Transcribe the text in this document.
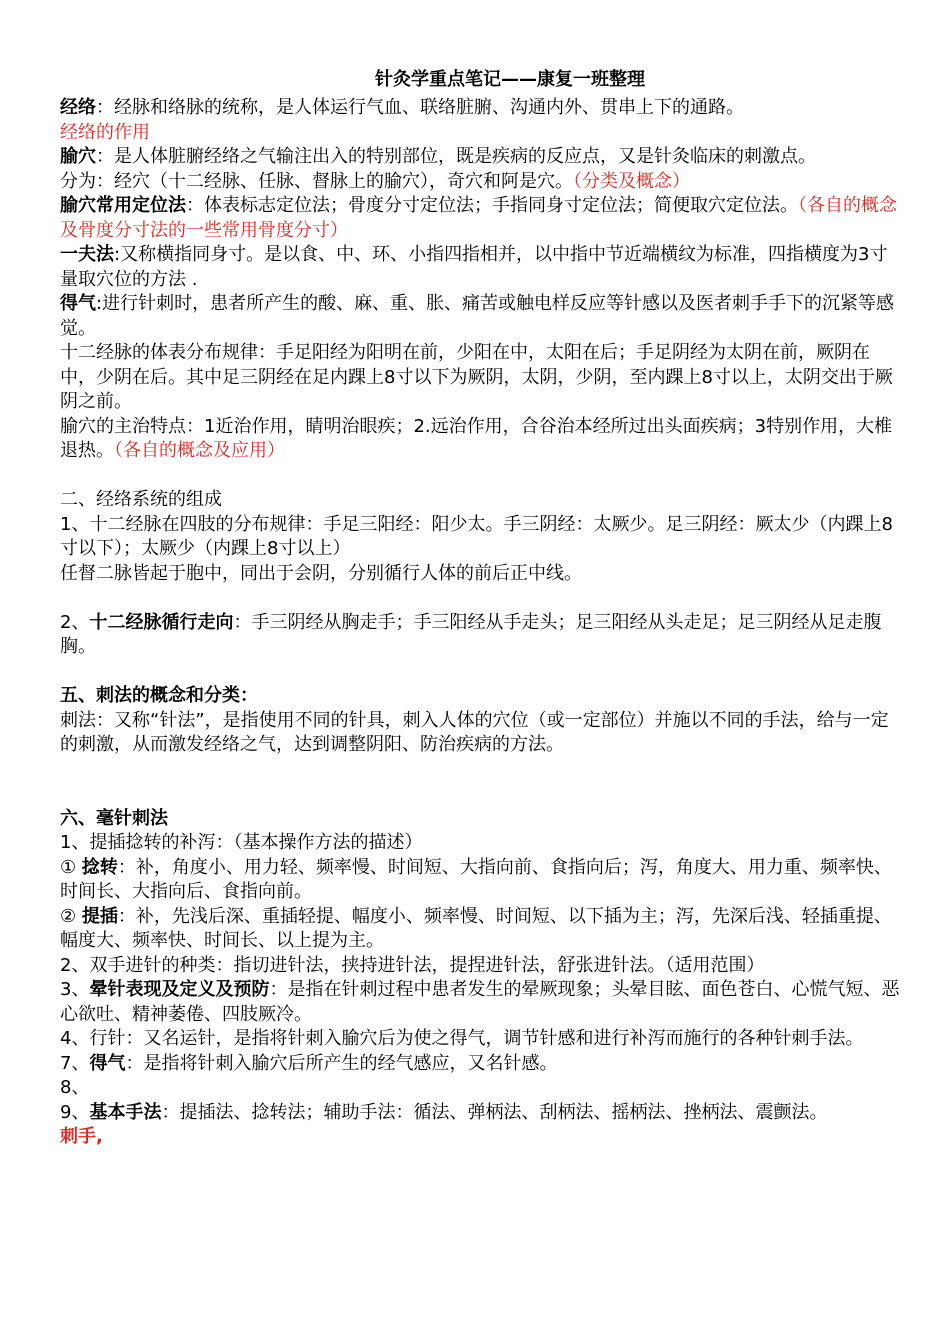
针灸学重点笔记——康复一班整理

经络：经脉和络脉的统称，是人体运行气血、联络脏腑、沟通内外、贯串上下的通路。

经络的作用

腧穴：是人体脏腑经络之气输注出入的特别部位，既是疾病的反应点，又是针灸临床的刺激点。

分为：经穴（十二经脉、任脉、督脉上的腧穴），奇穴和阿是穴。（分类及概念）

腧穴常用定位法：体表标志定位法；骨度分寸定位法；手指同身寸定位法；简便取穴定位法。（各自的概念及骨度分寸法的一些常用骨度分寸）

一夫法:又称横指同身寸。是以食、中、环、小指四指相并，以中指中节近端横纹为标准，四指横度为3寸量取穴位的方法 .

得气:进行针刺时，患者所产生的酸、麻、重、胀、痛苦或触电样反应等针感以及医者刺手手下的沉紧等感觉。

十二经脉的体表分布规律：手足阳经为阳明在前，少阳在中，太阳在后；手足阴经为太阴在前，厥阴在中，少阴在后。其中足三阴经在足内踝上8寸以下为厥阴，太阴，少阴，至内踝上8寸以上，太阴交出于厥阴之前。

腧穴的主治特点：1近治作用，睛明治眼疾；2.远治作用，合谷治本经所过出头面疾病；3特别作用，大椎退热。（各自的概念及应用）

二、经络系统的组成

1、十二经脉在四肢的分布规律：手足三阳经：阳少太。手三阴经：太厥少。足三阴经：厥太少（内踝上8寸以下）；太厥少（内踝上8寸以上）

任督二脉皆起于胞中，同出于会阴，分别循行人体的前后正中线。

2、十二经脉循行走向：手三阴经从胸走手；手三阳经从手走头；足三阳经从头走足；足三阴经从足走腹胸。

五、刺法的概念和分类：

刺法：又称“针法”，是指使用不同的针具，刺入人体的穴位（或一定部位）并施以不同的手法，给与一定的刺激，从而激发经络之气，达到调整阴阳、防治疾病的方法。

六、毫针刺法

1、提插捻转的补泻：（基本操作方法的描述）

① 捻转：补，角度小、用力轻、频率慢、时间短、大指向前、食指向后；泻，角度大、用力重、频率快、时间长、大指向后、食指向前。

② 提插：补，先浅后深、重插轻提、幅度小、频率慢、时间短、以下插为主；泻，先深后浅、轻插重提、幅度大、频率快、时间长、以上提为主。

2、双手进针的种类：指切进针法，挟持进针法，提捏进针法，舒张进针法。（适用范围）

3、晕针表现及定义及预防：是指在针刺过程中患者发生的晕厥现象；头晕目眩、面色苍白、心慌气短、恶心欲吐、精神萎倦、四肢厥冷。

4、行针：又名运针，是指将针刺入腧穴后为使之得气，调节针感和进行补泻而施行的各种针刺手法。

7、得气：是指将针刺入腧穴后所产生的经气感应，又名针感。

8、

9、基本手法：提插法、捻转法；辅助手法：循法、弹柄法、刮柄法、摇柄法、挫柄法、震颤法。

刺手,
